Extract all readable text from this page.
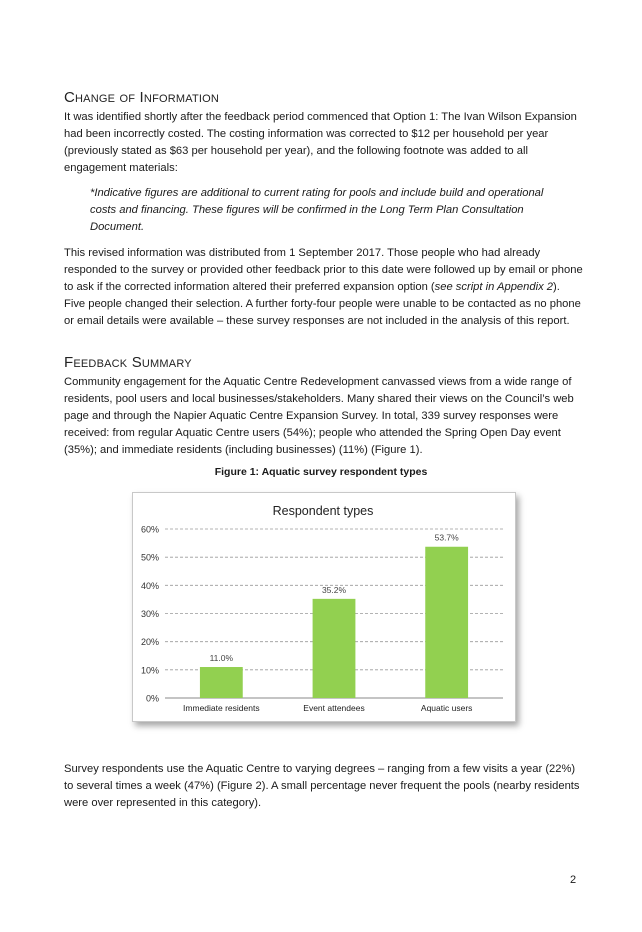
Change of Information

It was identified shortly after the feedback period commenced that Option 1: The Ivan Wilson Expansion had been incorrectly costed. The costing information was corrected to $12 per household per year (previously stated as $63 per household per year), and the following footnote was added to all engagement materials:

*Indicative figures are additional to current rating for pools and include build and operational costs and financing. These figures will be confirmed in the Long Term Plan Consultation Document.

This revised information was distributed from 1 September 2017. Those people who had already responded to the survey or provided other feedback prior to this date were followed up by email or phone to ask if the corrected information altered their preferred expansion option (see script in Appendix 2). Five people changed their selection. A further forty-four people were unable to be contacted as no phone or email details were available – these survey responses are not included in the analysis of this report.

Feedback Summary

Community engagement for the Aquatic Centre Redevelopment canvassed views from a wide range of residents, pool users and local businesses/stakeholders. Many shared their views on the Council’s web page and through the Napier Aquatic Centre Expansion Survey. In total, 339 survey responses were received: from regular Aquatic Centre users (54%); people who attended the Spring Open Day event (35%); and immediate residents (including businesses) (11%) (Figure 1).

Figure 1: Aquatic survey respondent types
Respondent types
0%
10%
20%
30%
40%
50%
60%
11.0%
Immediate residents
35.2%
Event attendees
53.7%
Aquatic users

Survey respondents use the Aquatic Centre to varying degrees – ranging from a few visits a year (22%) to several times a week (47%) (Figure 2). A small percentage never frequent the pools (nearby residents were over represented in this category).

2
